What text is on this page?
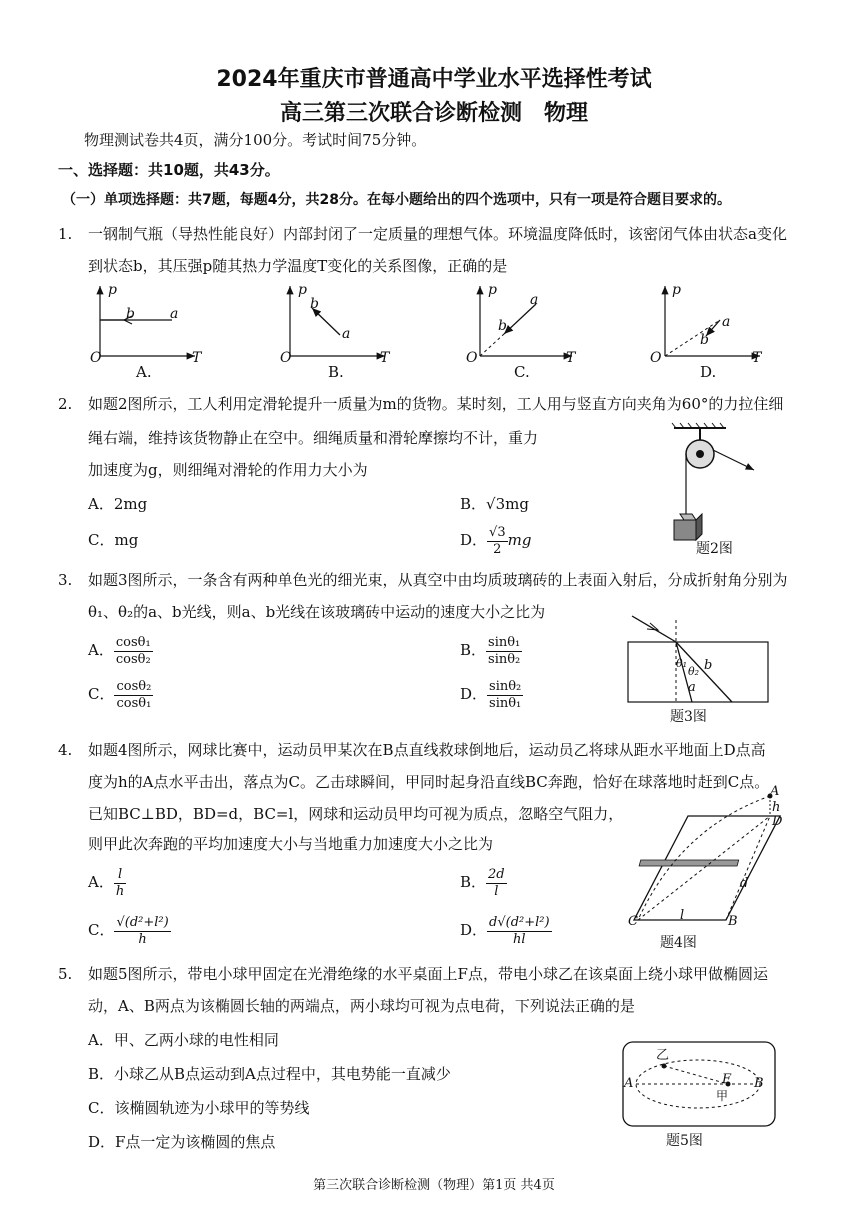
2024年重庆市普通高中学业水平选择性考试
高三第三次联合诊断检测　物理
物理测试卷共4页，满分100分。考试时间75分钟。
一、选择题：共10题，共43分。
（一）单项选择题：共7题，每题4分，共28分。在每小题给出的四个选项中，只有一项是符合题目要求的。
1. 一钢制气瓶（导热性能良好）内部封闭了一定质量的理想气体。环境温度降低时，该密闭气体由状态a变化
到状态b，其压强p随其热力学温度T变化的关系图像，正确的是
p
O	T
b	a
A.
p
O	T
b
a
B.
p
O	T
a
b
C.
p
O	T
a
b
D.
2. 如题2图所示，工人利用定滑轮提升一质量为m的货物。某时刻，工人用与竖直方向夹角为60°的力拉住细
绳右端，维持该货物静止在空中。细绳质量和滑轮摩擦均不计，重力
加速度为g，则细绳对滑轮的作用力大小为
A．2mg	B．√3mg
C．mg	D． $\frac{√3}{2}$ mg	题2图
3. 如题3图所示，一条含有两种单色光的细光束，从真空中由均质玻璃砖的上表面入射后，分成折射角分别为
θ₁、θ₂的a、b光线，则a、b光线在该玻璃砖中运动的速度大小之比为
A． $\frac{\text{cosθ₁}}{\text{cosθ₂}}$	B． $\frac{\text{sinθ₁}}{\text{sinθ₂}}$
C． $\frac{\text{cosθ₂}}{\text{cosθ₁}}$	D． $\frac{\text{sinθ₂}}{\text{sinθ₁}}$
θ₁
θ₂ b
a
题3图
4. 如题4图所示，网球比赛中，运动员甲某次在B点直线救球倒地后，运动员乙将球从距水平地面上D点高
度为h的A点水平击出，落点为C。乙击球瞬间，甲同时起身沿直线BC奔跑，恰好在球落地时赶到C点。
已知BC⊥BD，BD=d，BC=l，网球和运动员甲均可视为质点，忽略空气阻力，
则甲此次奔跑的平均加速度大小与当地重力加速度大小之比为
A． $\frac{l}{h}$	B． $\frac{2d}{l}$
C． $\frac{\text{√(d²+l²)}}{h}$	D． $\frac{\text{d√(d²+l²)}}{hl}$
A
h
D
d
C	l	B
题4图
5. 如题5图所示，带电小球甲固定在光滑绝缘的水平桌面上F点，带电小球乙在该桌面上绕小球甲做椭圆运
动，A、B两点为该椭圆长轴的两端点，两小球均可视为点电荷，下列说法正确的是
A．甲、乙两小球的电性相同
B．小球乙从B点运动到A点过程中，其电势能一直减少
C．该椭圆轨迹为小球甲的等势线
D．F点一定为该椭圆的焦点
乙
A	F B
甲
题5图
第三次联合诊断检测（物理）第1页 共4页
